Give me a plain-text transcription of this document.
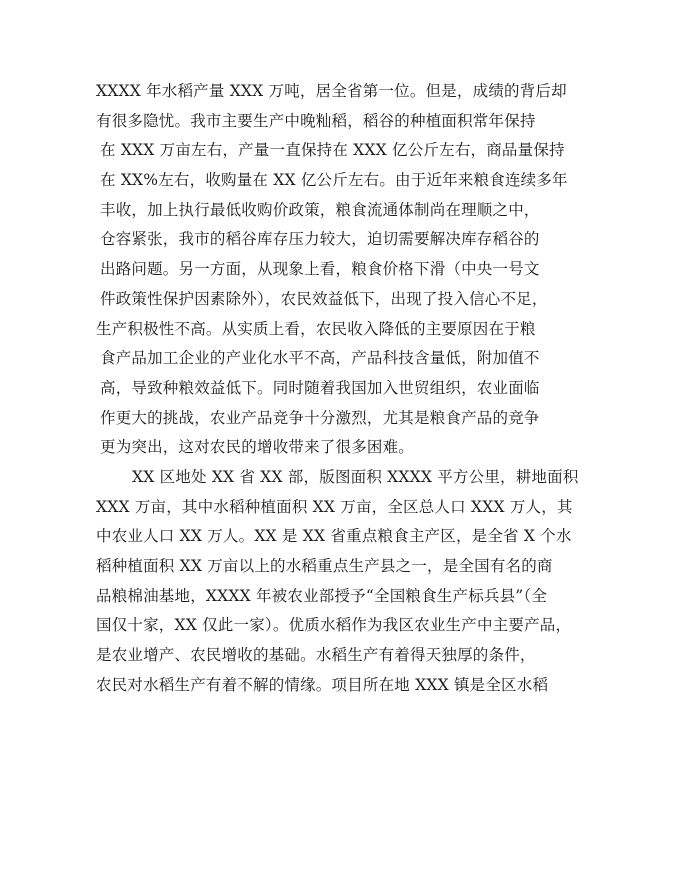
XXXX 年水稻产量 XXX 万吨，居全省第一位。但是，成绩的背后却
有很多隐忧。我市主要生产中晚籼稻，稻谷的种植面积常年保持
在 XXX 万亩左右，产量一直保持在 XXX 亿公斤左右，商品量保持
在 XX%左右，收购量在 XX 亿公斤左右。由于近年来粮食连续多年
丰收，加上执行最低收购价政策，粮食流通体制尚在理顺之中，
仓容紧张，我市的稻谷库存压力较大，迫切需要解决库存稻谷的
出路问题。另一方面，从现象上看，粮食价格下滑（中央一号文
件政策性保护因素除外），农民效益低下，出现了投入信心不足，
生产积极性不高。从实质上看，农民收入降低的主要原因在于粮
食产品加工企业的产业化水平不高，产品科技含量低，附加值不
高，导致种粮效益低下。同时随着我国加入世贸组织，农业面临
作更大的挑战，农业产品竞争十分激烈，尤其是粮食产品的竞争
更为突出，这对农民的增收带来了很多困难。
XX 区地处 XX 省 XX 部，版图面积 XXXX 平方公里，耕地面积
XXX 万亩，其中水稻种植面积 XX 万亩，全区总人口 XXX 万人，其
中农业人口 XX 万人。XX 是 XX 省重点粮食主产区，是全省 X 个水
稻种植面积 XX 万亩以上的水稻重点生产县之一，是全国有名的商
品粮棉油基地，XXXX 年被农业部授予“全国粮食生产标兵县”（全
国仅十家，XX 仅此一家）。优质水稻作为我区农业生产中主要产品，
是农业增产、农民增收的基础。水稻生产有着得天独厚的条件，
农民对水稻生产有着不解的情缘。项目所在地 XXX 镇是全区水稻
